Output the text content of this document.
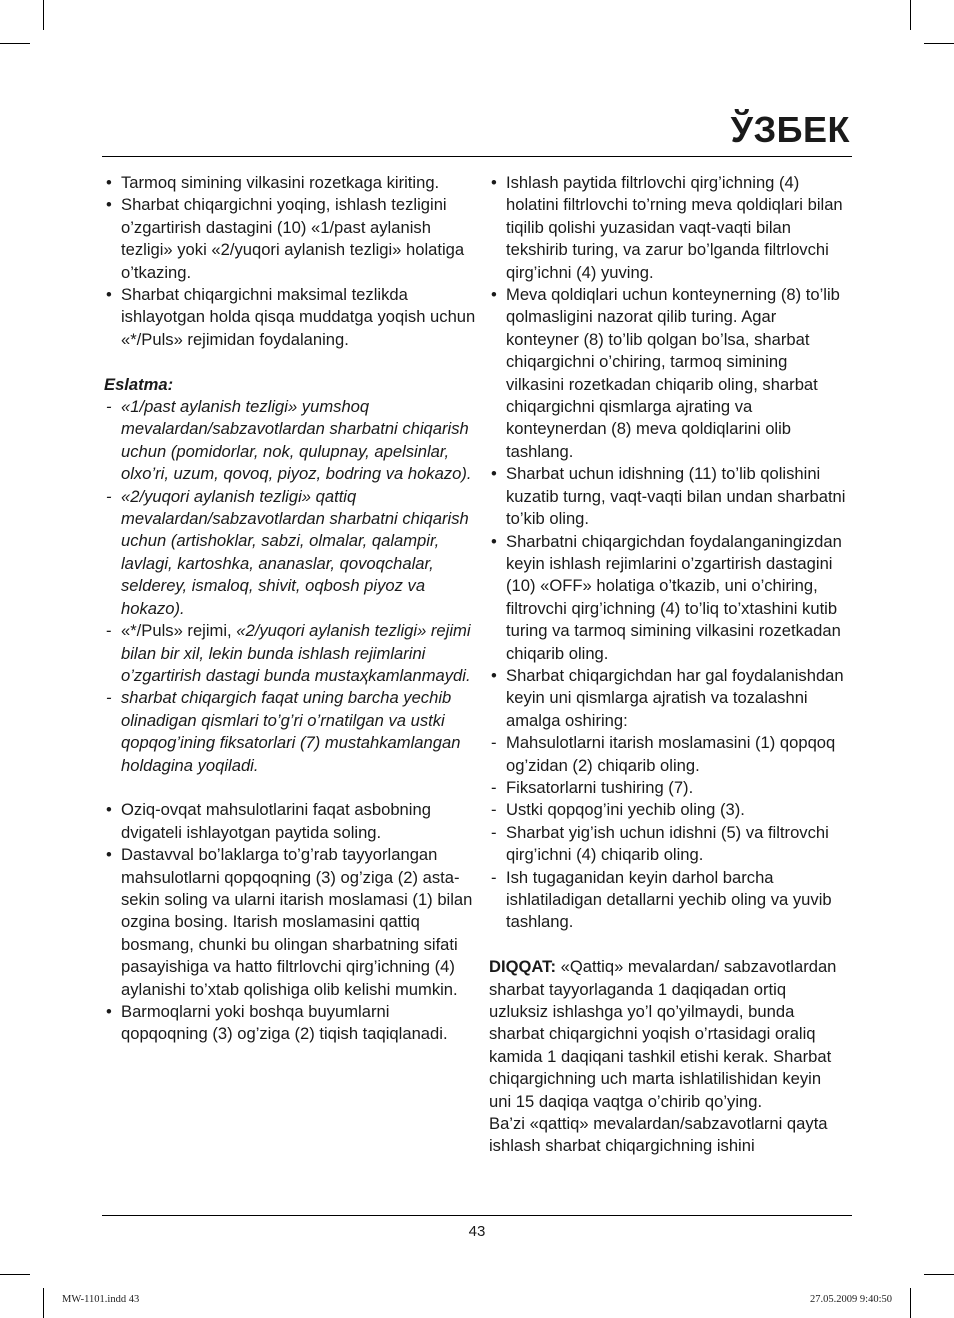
ЎЗБЕК
• Tarmoq simining vilkasini rozetkaga kiriting.
• Sharbat chiqargichni yoqing, ishlash tezligini o’zgartirish dastagini (10) «1/past aylanish tezligi» yoki «2/yuqori aylanish tezligi» holatiga o’tkazing.
• Sharbat chiqargichni maksimal tezlikda ishlayotgan holda qisqa muddatga yoqish uchun «*/Puls» rejimidan foydalaning.
Eslatma:
- «1/past aylanish tezligi» yumshoq mevalardan/sabzavotlardan sharbatni chiqarish uchun (pomidorlar, nok, qulupnay, apelsinlar, olxo’ri, uzum, qovoq, piyoz, bodring va hokazo).
- «2/yuqori aylanish tezligi» qattiq mevalardan/sabzavotlardan sharbatni chiqarish uchun (artishoklar, sabzi, olmalar, qalampir, lavlagi, kartoshka, ananaslar, qovoqchalar, selderey, ismaloq, shivit, oqbosh piyoz va hokazo).
- «*/Puls» rejimi, «2/yuqori aylanish tezligi» rejimi bilan bir xil, lekin bunda ishlash rejimlarini o’zgartirish dastagi bunda mustaҳkamlanmaydi.
- sharbat chiqargich faqat uning barcha yechib olinadigan qismlari to’g’ri o’rnatilgan va ustki qopqog’ining fiksatorlari (7) mustahkamlangan holdagina yoqiladi.
• Oziq-ovqat mahsulotlarini faqat asbobning dvigateli ishlayotgan paytida soling.
• Dastavval bo’laklarga to’g’rab tayyorlangan mahsulotlarni qopqoqning (3) og’ziga (2) asta-sekin soling va ularni itarish moslamasi (1) bilan ozgina bosing. Itarish moslamasini qattiq bosmang, chunki bu olingan sharbatning sifati pasayishiga va hatto filtrlovchi qirg’ichning (4) aylanishi to’xtab qolishiga olib kelishi mumkin.
• Barmoqlarni yoki boshqa buyumlarni qopqoqning (3) og’ziga (2) tiqish taqiqlanadi.
• Ishlash paytida filtrlovchi qirg’ichning (4) holatini filtrlovchi to’rning meva qoldiqlari bilan tiqilib qolishi yuzasidan vaqt-vaqti bilan tekshirib turing, va zarur bo’lganda filtrlovchi qirg’ichni (4) yuving.
• Meva qoldiqlari uchun konteynerning (8) to’lib qolmasligini nazorat qilib turing. Agar konteyner (8) to’lib qolgan bo’lsa, sharbat chiqargichni o’chiring, tarmoq simining vilkasini rozetkadan chiqarib oling, sharbat chiqargichni qismlarga ajrating va konteynerdan (8) meva qoldiqlarini olib tashlang.
• Sharbat uchun idishning (11) to’lib qolishini kuzatib turng, vaqt-vaqti bilan undan sharbatni to’kib oling.
• Sharbatni chiqargichdan foydalanganingizdan keyin ishlash rejimlarini o’zgartirish dastagini (10) «OFF» holatiga o’tkazib, uni o’chiring, filtrovchi qirg’ichning (4) to’liq to’xtashini kutib turing va tarmoq simining vilkasini rozetkadan chiqarib oling.
• Sharbat chiqargichdan har gal foydalanishdan keyin uni qismlarga ajratish va tozalashni amalga oshiring:
- Mahsulotlarni itarish moslamasini (1) qopqoq og’zidan (2) chiqarib oling.
- Fiksatorlarni tushiring (7).
- Ustki qopqog’ini yechib oling (3).
- Sharbat yig’ish uchun idishni (5) va filtrovchi qirg’ichni (4) chiqarib oling.
- Ish tugaganidan keyin darhol barcha ishlatiladigan detallarni yechib oling va yuvib tashlang.
DIQQAT: «Qattiq» mevalardan/ sabzavotlardan sharbat tayyorlaganda 1 daqiqadan ortiq uzluksiz ishlashga yo’l qo’yilmaydi, bunda sharbat chiqargichni yoqish o’rtasidagi oraliq kamida 1 daqiqani tashkil etishi kerak. Sharbat chiqargichning uch marta ishlatilishidan keyin uni 15 daqiqa vaqtga o’chirib qo’ying.
Ba’zi «qattiq» mevalardan/sabzavotlarni qayta ishlash sharbat chiqargichning ishini
43
MW-1101.indd 43	27.05.2009 9:40:50
